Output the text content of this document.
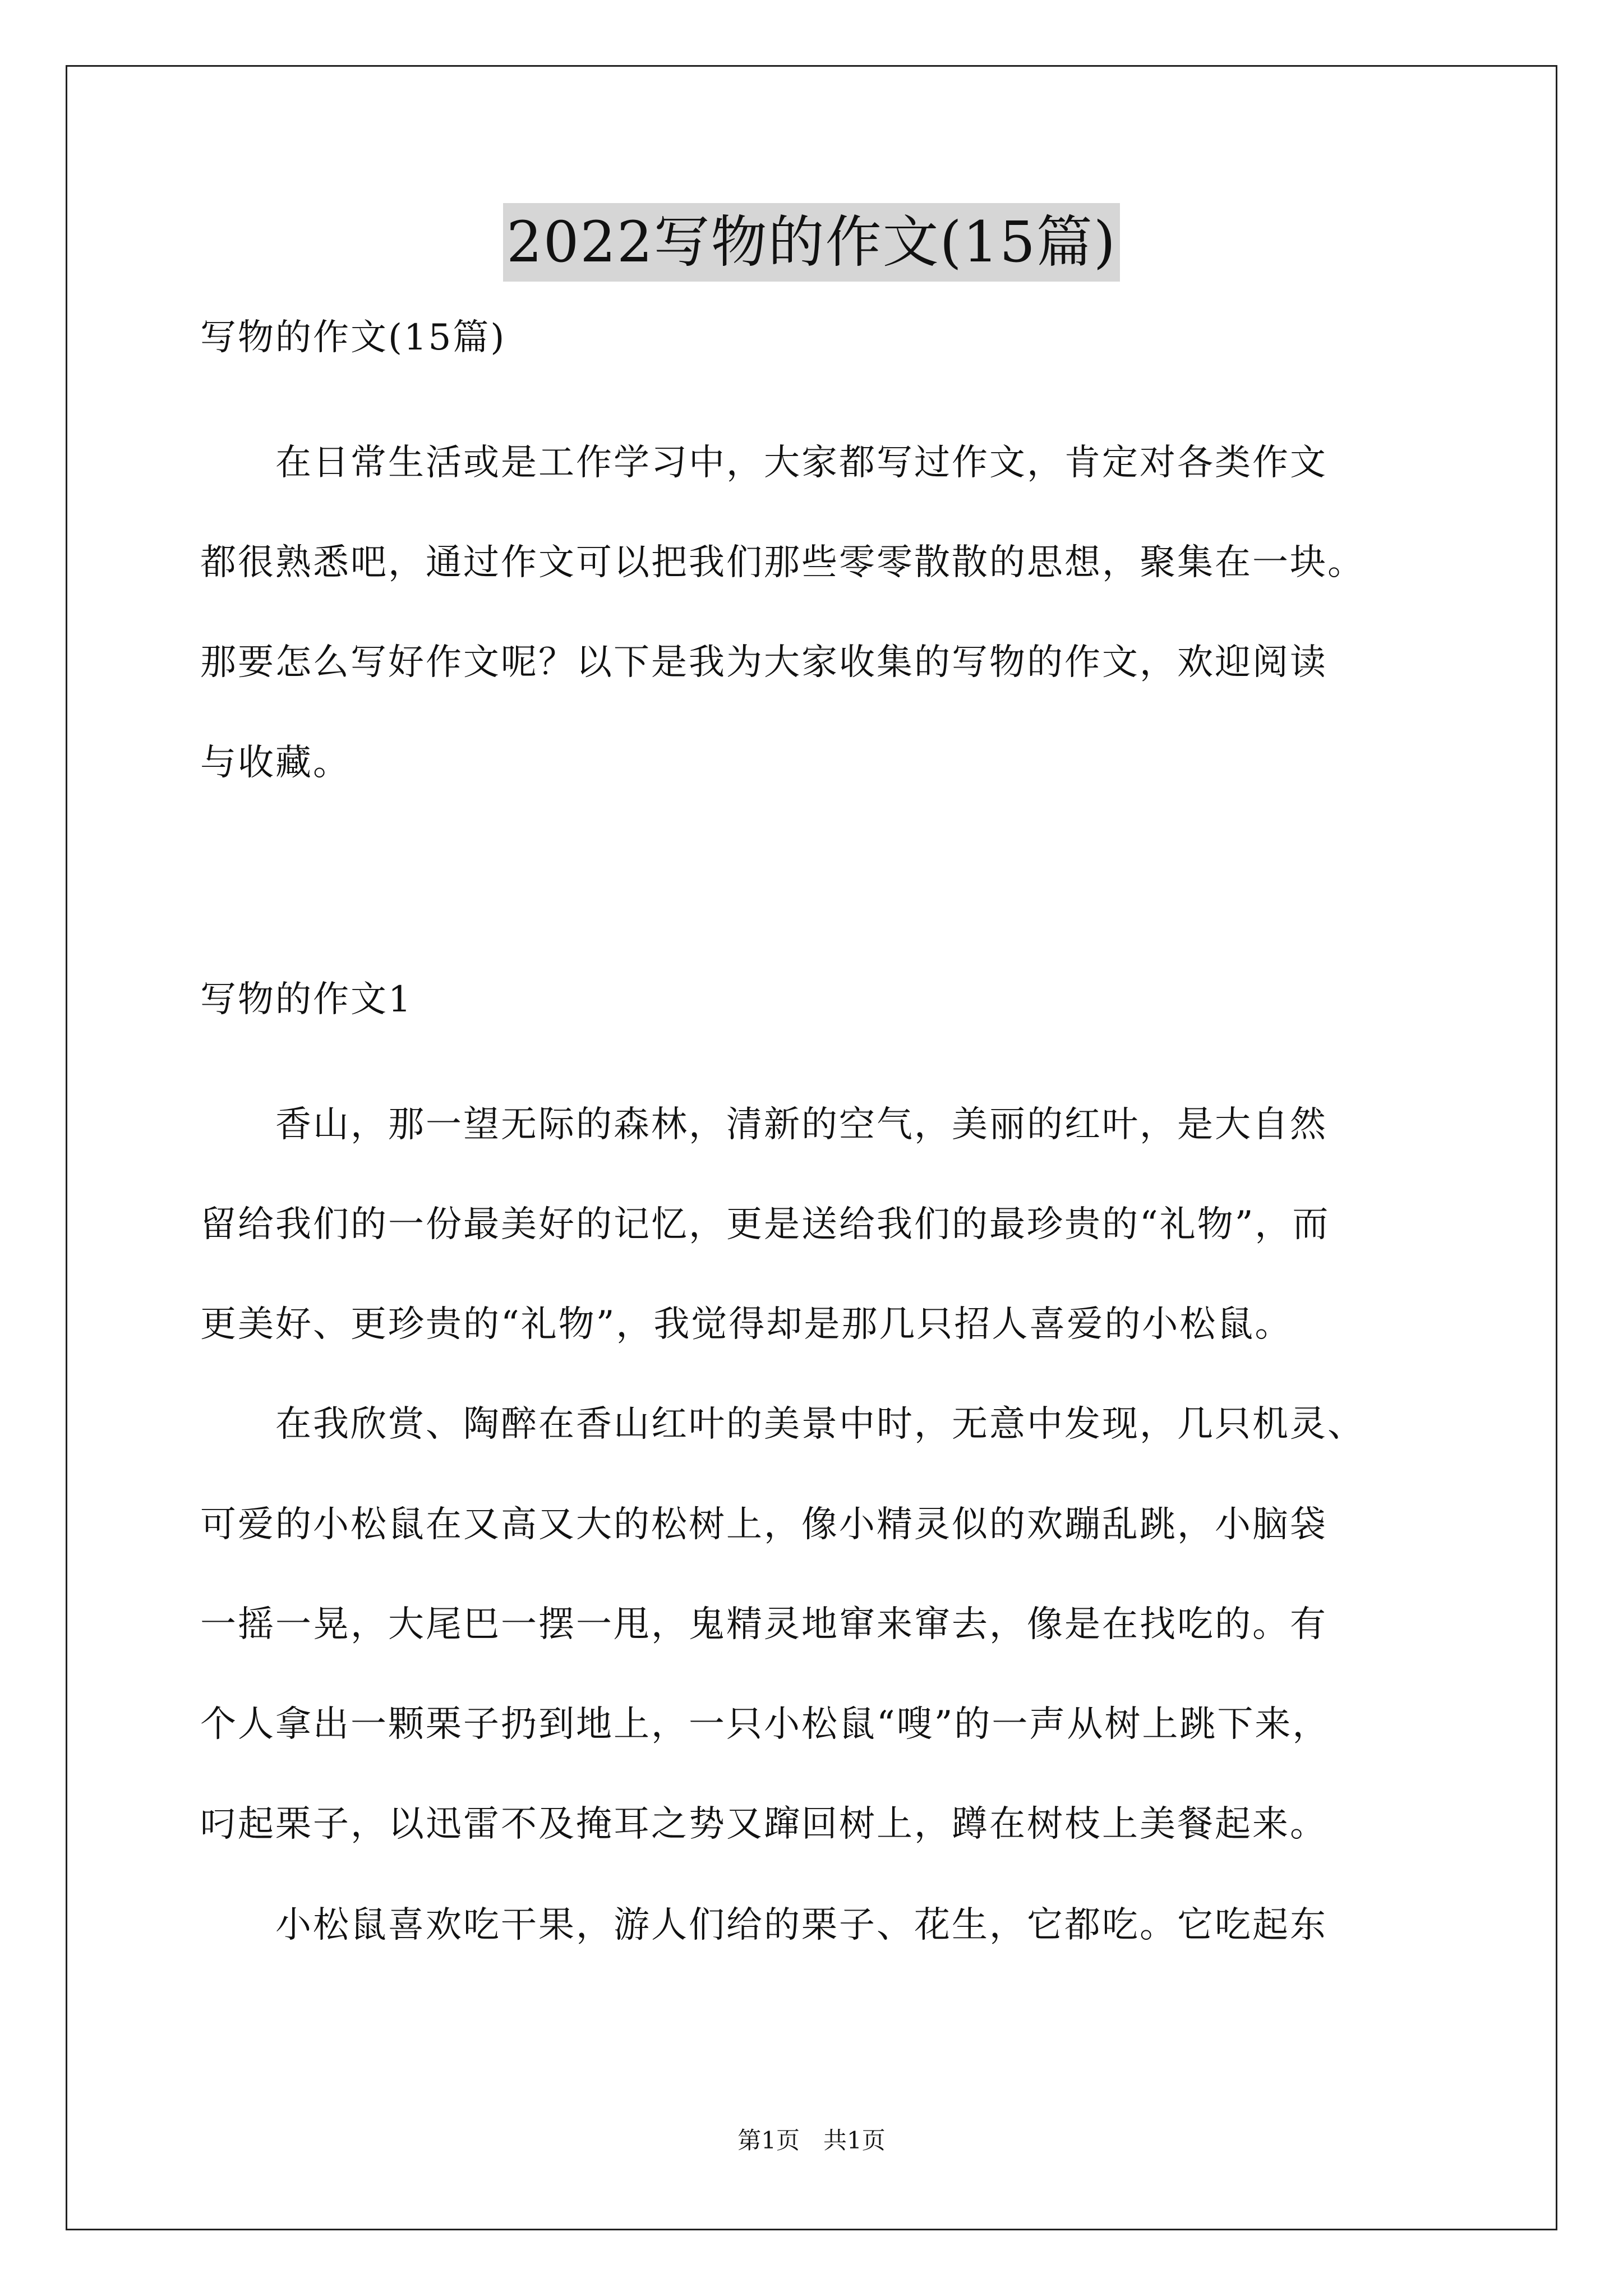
2022写物的作文(15篇)
写物的作文(15篇)
　　在日常生活或是工作学习中，大家都写过作文，肯定对各类作文
都很熟悉吧，通过作文可以把我们那些零零散散的思想，聚集在一块。
那要怎么写好作文呢？以下是我为大家收集的写物的作文，欢迎阅读
与收藏。
写物的作文1
　　香山，那一望无际的森林，清新的空气，美丽的红叶，是大自然
留给我们的一份最美好的记忆，更是送给我们的最珍贵的“礼物”，而
更美好、更珍贵的“礼物”，我觉得却是那几只招人喜爱的小松鼠。
　　在我欣赏、陶醉在香山红叶的美景中时，无意中发现，几只机灵、
可爱的小松鼠在又高又大的松树上，像小精灵似的欢蹦乱跳，小脑袋
一摇一晃，大尾巴一摆一甩，鬼精灵地窜来窜去，像是在找吃的。有
个人拿出一颗栗子扔到地上，一只小松鼠“嗖”的一声从树上跳下来，
叼起栗子，以迅雷不及掩耳之势又蹿回树上，蹲在树枝上美餐起来。
　　小松鼠喜欢吃干果，游人们给的栗子、花生，它都吃。它吃起东
第1页　共1页
